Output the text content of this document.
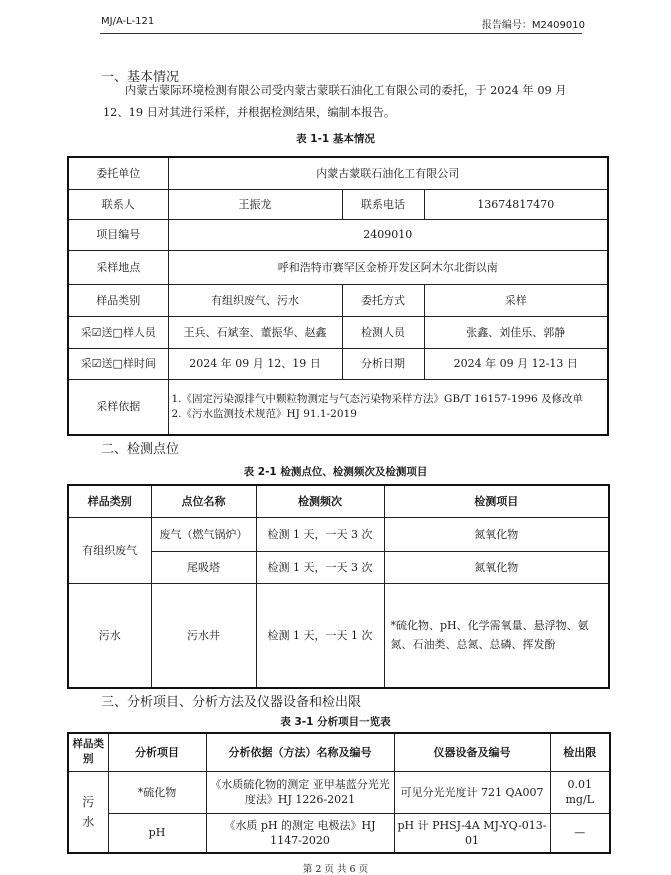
MJ/A-L-121	报告编号：M2409010
一、基本情况
内蒙古蒙际环境检测有限公司受内蒙古蒙联石油化工有限公司的委托，于 2024 年 09 月 12、19 日对其进行采样，并根据检测结果，编制本报告。
表 1-1 基本情况
委托单位	内蒙古蒙联石油化工有限公司		
联系人	王振龙	联系电话	13674817470
项目编号	2409010		
采样地点	呼和浩特市赛罕区金桥开发区阿木尔北街以南		
样品类别	有组织废气、污水	委托方式	采样
采☑送□样人员	王兵、石斌奎、董振华、赵鑫	检测人员	张鑫、刘佳乐、郭静
采☑送□样时间	2024 年 09 月 12、19 日	分析日期	2024 年 09 月 12-13 日
采样依据	1.《固定污染源排气中颗粒物测定与气态污染物采样方法》GB/T 16157-1996 及修改单
2.《污水监测技术规范》HJ 91.1-2019		
二、检测点位
表 2-1 检测点位、检测频次及检测项目
样品类别	点位名称	检测频次	检测项目
有组织废气	废气（燃气锅炉）	检测 1 天，一天 3 次	氮氧化物
	尾吸塔	检测 1 天，一天 3 次	氮氧化物
污水	污水井	检测 1 天，一天 1 次	*硫化物、pH、化学需氧量、悬浮物、氨氮、石油类、总氮、总磷、挥发酚
三、分析项目、分析方法及仪器设备和检出限
表 3-1 分析项目一览表
样品类别	分析项目	分析依据（方法）名称及编号	仪器设备及编号	检出限
污水	*硫化物	《水质硫化物的测定 亚甲基蓝分光光度法》HJ 1226-2021	可见分光光度计 721 QA007	0.01 mg/L
	pH	《水质 pH 的测定 电极法》HJ 1147-2020	pH 计 PHSJ-4A MJ-YQ-013-01	—
第 2 页 共 6 页
